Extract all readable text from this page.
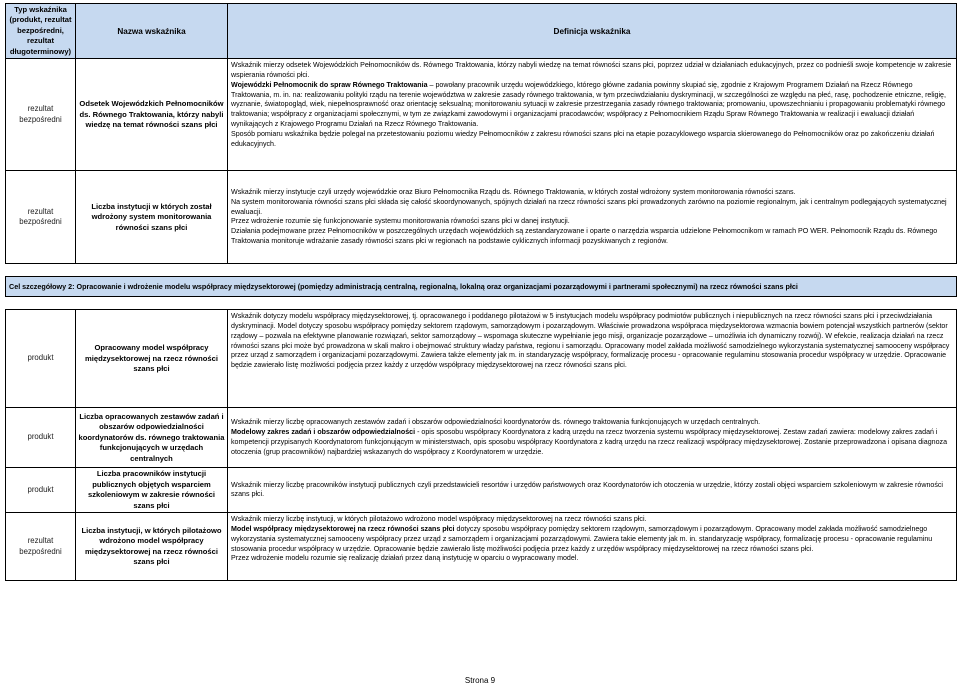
Typ wskaźnika (produkt, rezultat bezpośredni, rezultat długoterminowy)	Nazwa wskaźnika	Definicja wskaźnika
rezultat bezpośredni	Odsetek Wojewódzkich Pełnomocników ds. Równego Traktowania, którzy nabyli wiedzę na temat równości szans płci	Wskaźnik mierzy odsetek Wojewódzkich Pełnomocników ds. Równego Traktowania, którzy nabyli wiedzę na temat równości szans płci, poprzez udział w działaniach edukacyjnych, przez co podnieśli swoje kompetencje w zakresie wspierania równości płci.
Wojewódzki Pełnomocnik do spraw Równego Traktowania – powołany pracownik urzędu wojewódzkiego, którego główne zadania powinny skupiać się, zgodnie z Krajowym Programem Działań na Rzecz Równego Traktowania, m. in. na: realizowaniu polityki rządu na terenie województwa w zakresie zasady równego traktowania, w tym przeciwdziałaniu dyskryminacji, w szczególności ze względu na płeć, rasę, pochodzenie etniczne, religię, wyznanie, światopogląd, wiek, niepełnosprawność oraz orientację seksualną; monitorowaniu sytuacji w zakresie przestrzegania zasady równego traktowania; promowaniu, upowszechnianiu i propagowaniu problematyki równego traktowania; współpracy z organizacjami społecznymi, w tym ze związkami zawodowymi i organizacjami pracodawców; współpracy z Pełnomocnikiem Rządu Spraw Równego Traktowania w realizacji i ewaluacji działań wynikających z Krajowego Programu Działań na Rzecz Równego Traktowania.
Sposób pomiaru wskaźnika będzie polegał na przetestowaniu poziomu wiedzy Pełnomocników z zakresu równości szans płci na etapie pozacyklowego wsparcia skierowanego do Pełnomocników oraz po zakończeniu działań edukacyjnych.

rezultat bezpośredni	Liczba instytucji w których został wdrożony system monitorowania równości szans płci	Wskaźnik mierzy instytucje czyli urzędy wojewódzkie oraz Biuro Pełnomocnika Rządu ds. Równego Traktowania, w których został wdrożony system monitorowania równości szans.
Na system monitorowania równości szans płci składa się całość skoordynowanych, spójnych działań na rzecz równości szans płci prowadzonych zarówno na poziomie regionalnym, jak i centralnym podlegających systematycznej ewaluacji.
Przez wdrożenie rozumie się funkcjonowanie systemu monitorowania równości szans płci w danej instytucji.
Działania podejmowane przez Pełnomocników w poszczególnych urzędach wojewódzkich są zestandaryzowane i oparte o narzędzia wsparcia udzielone Pełnomocnikom w ramach PO WER. Pełnomocnik Rządu ds. Równego Traktowania monitoruje wdrażanie zasady równości szans płci w regionach na podstawie cyklicznych informacji pozyskiwanych z regionów.

Cel szczegółowy 2: Opracowanie i wdrożenie modelu współpracy międzysektorowej (pomiędzy administracją centralną, regionalną, lokalną oraz organizacjami pozarządowymi i partnerami społecznymi) na rzecz równości szans płci		

produkt	Opracowany model współpracy międzysektorowej na rzecz równości szans płci	Wskaźnik dotyczy modelu współpracy międzysektorowej, tj. opracowanego i poddanego pilotażowi w 5 instytucjach modelu współpracy podmiotów publicznych i niepublicznych na rzecz równości szans płci i przeciwdziałania dyskryminacji. Model dotyczy sposobu współpracy pomiędzy sektorem rządowym, samorządowym i pozarządowym. Właściwie prowadzona współpraca międzysektorowa wzmacnia bowiem potencjał wszystkich partnerów (sektor rządowy – pozwala na efektywne planowanie rozwiązań, sektor samorządowy – wspomaga skuteczne wypełnianie jego misji, organizacje pozarządowe – umożliwia ich dynamiczny rozwój). W efekcie, realizacja działań na rzecz równości szans płci może być prowadzona w skali makro i obejmować struktury władzy państwa, regionu i samorządu. Opracowany model zakłada możliwość samodzielnego wykorzystania systematycznej samooceny współpracy przez urząd z samorządem i organizacjami pozarządowymi. Zawiera także elementy jak m. in standaryzację współpracy, formalizację procesu - opracowanie regulaminu stosowania procedur współpracy w urzędzie. Opracowanie będzie zawierało listę możliwości podjęcia przez każdy z urzędów współpracy międzysektorowej na rzecz równości szans płci.
produkt	Liczba opracowanych zestawów zadań i obszarów odpowiedzialności koordynatorów ds. równego traktowania funkcjonujących w urzędach centralnych	Wskaźnik mierzy liczbę opracowanych zestawów zadań i obszarów odpowiedzialności koordynatorów ds. równego traktowania funkcjonujących w urzędach centralnych.
Modelowy zakres zadań i obszarów odpowiedzialności - opis sposobu współpracy Koordynatora z kadrą urzędu na rzecz tworzenia systemu współpracy międzysektorowej. Zestaw zadań zawiera: modelowy zakres zadań i kompetencji przypisanych Koordynatorom funkcjonującym w ministerstwach, opis sposobu współpracy Koordynatora z kadrą urzędu na rzecz realizacji współpracy międzysektorowej. Zostanie przeprowadzona i opisana diagnoza otoczenia (grup pracowników) najbardziej wskazanych do współpracy z Koordynatorem w urzędzie.

produkt	Liczba pracowników instytucji publicznych objętych wsparciem szkoleniowym w zakresie równości szans płci	Wskaźnik mierzy liczbę pracowników instytucji publicznych czyli przedstawicieli resortów i urzędów państwowych oraz Koordynatorów ich otoczenia w urzędzie, którzy zostali objęci wsparciem szkoleniowym w zakresie równości szans płci.
rezultat bezpośredni	Liczba instytucji, w których pilotażowo wdrożono model współpracy międzysektorowej na rzecz równości szans płci	Wskaźnik mierzy liczbę instytucji, w których pilotażowo wdrożono model współpracy międzysektorowej na rzecz równości szans płci.
Model współpracy międzysektorowej na rzecz równości szans płci dotyczy sposobu współpracy pomiędzy sektorem rządowym, samorządowym i pozarządowym. Opracowany model zakłada możliwość samodzielnego wykorzystania systematycznej samooceny współpracy przez urząd z samorządem i organizacjami pozarządowymi. Zawiera takie elementy jak m. in. standaryzację współpracy, formalizację procesu - opracowanie regulaminu stosowania procedur współpracy w urzędzie. Opracowanie będzie zawierało listę możliwości podjęcia przez każdy z urzędów współpracy międzysektorowej na rzecz równości szans płci.
Przez wdrożenie modelu rozumie się realizację działań przez daną instytucję w oparciu o wypracowany model.
Strona 9
